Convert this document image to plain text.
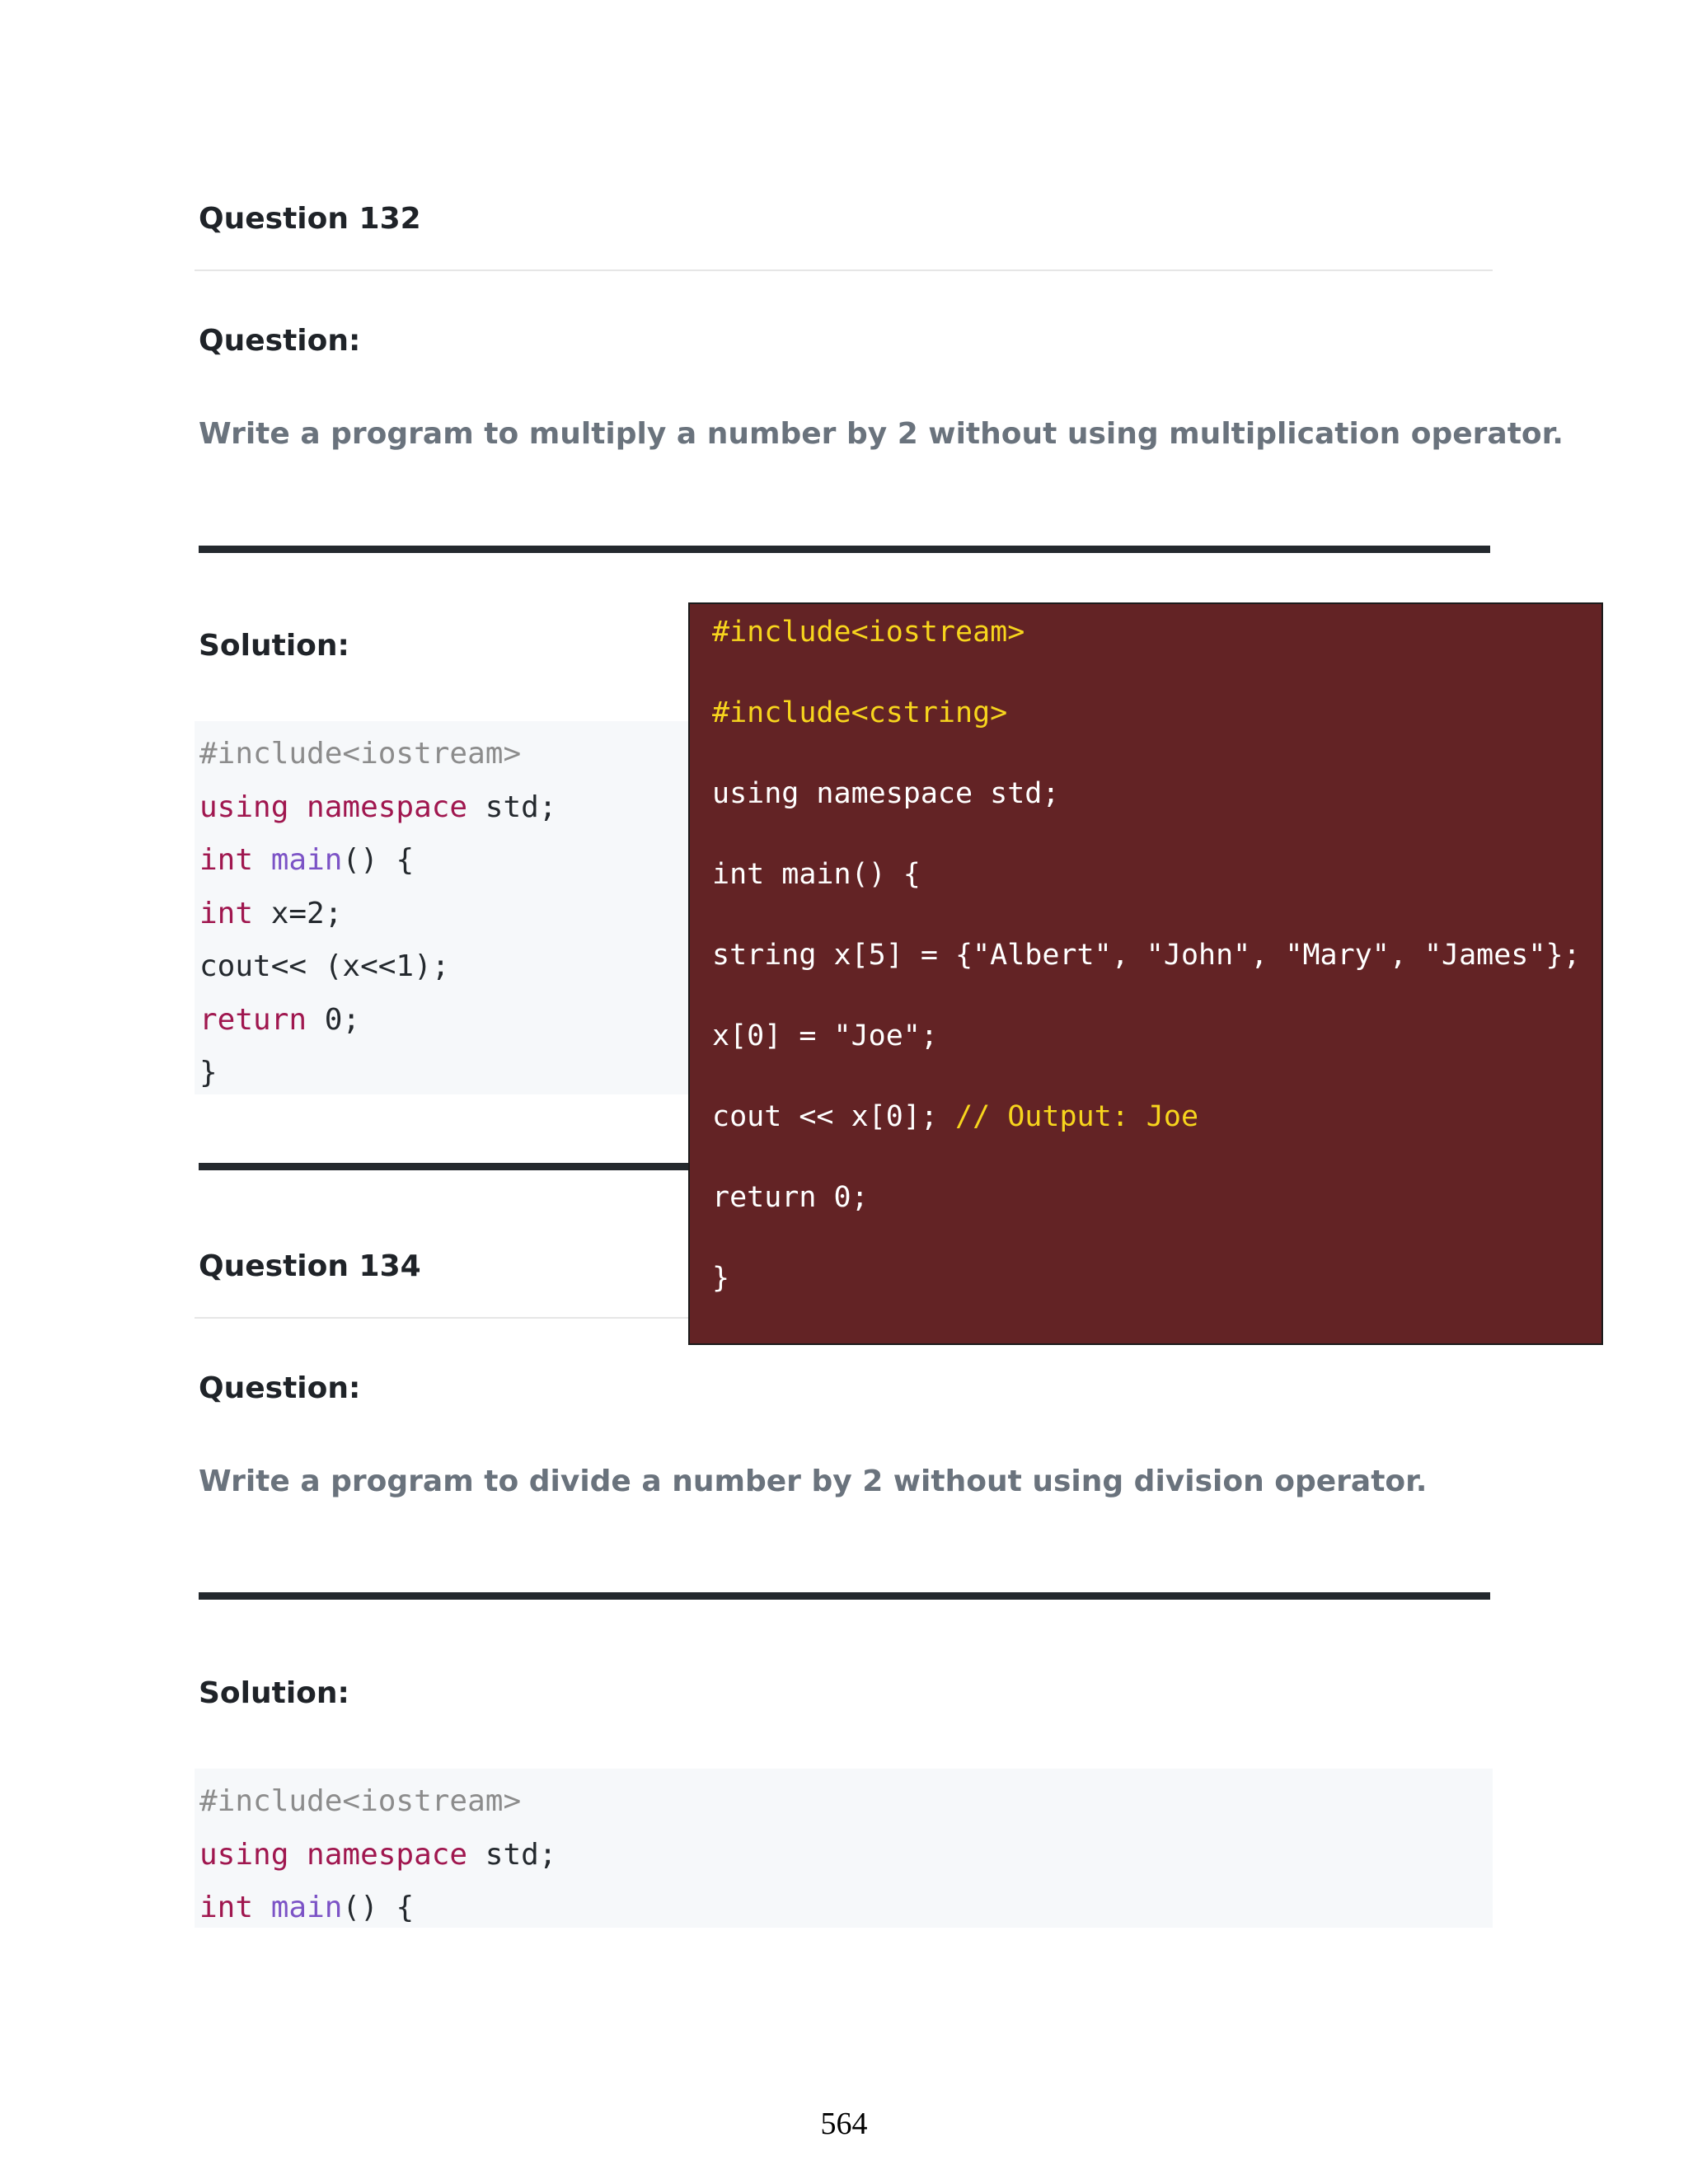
Question 132
Question:

Write a program to multiply a number by 2 without using multiplication operator.

Solution:
#include<iostream>
using namespace std;
int main() {
int x=2;
cout<< (x<<1);
return 0;
}
Question 134
Question:

Write a program to divide a number by 2 without using division operator.

Solution:
#include<iostream>
using namespace std;
int main() {
#include<iostream>
#include<cstring>
using namespace std;
int main() {
string x[5] = {"Albert", "John", "Mary", "James"};
x[0] = "Joe";
cout << x[0]; // Output: Joe
return 0;
}
564
